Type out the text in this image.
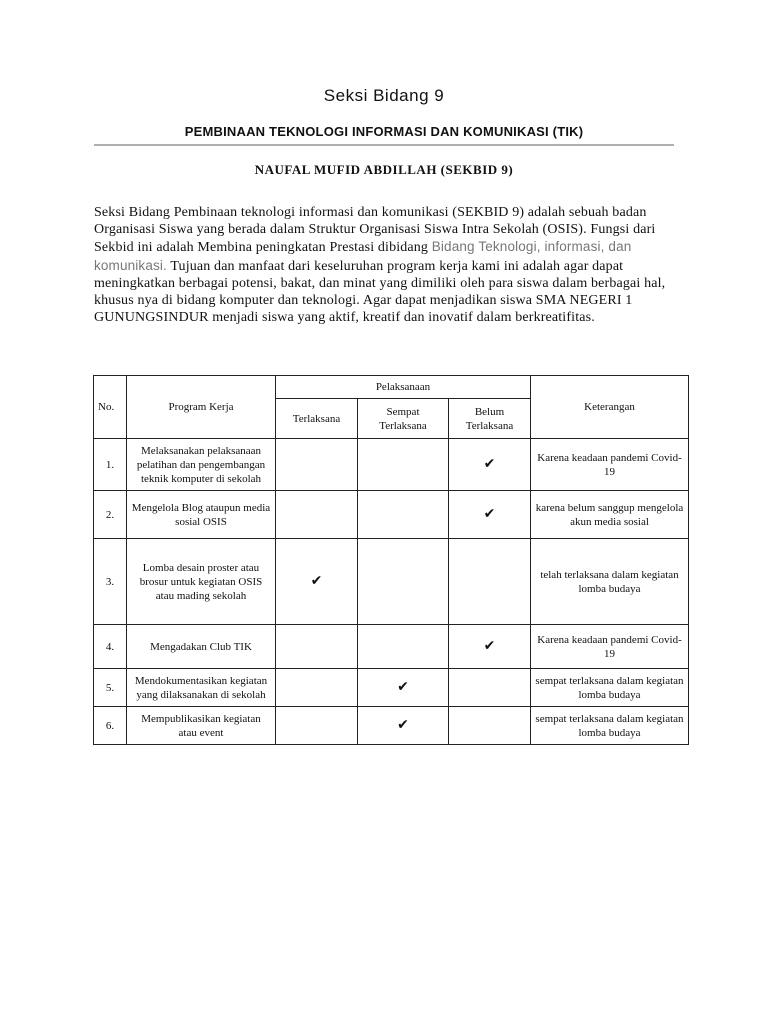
Seksi Bidang 9
PEMBINAAN TEKNOLOGI INFORMASI DAN KOMUNIKASI (TIK)
NAUFAL MUFID ABDILLAH (SEKBID 9)
Seksi Bidang Pembinaan teknologi informasi dan komunikasi (SEKBID 9) adalah sebuah badan Organisasi Siswa yang berada dalam Struktur Organisasi Siswa Intra Sekolah (OSIS). Fungsi dari Sekbid ini adalah Membina peningkatan Prestasi dibidang Bidang Teknologi, informasi, dan komunikasi. Tujuan dan manfaat dari keseluruhan program kerja kami ini adalah agar dapat meningkatkan berbagai potensi, bakat, dan minat yang dimiliki oleh para siswa dalam berbagai hal, khusus nya di bidang komputer dan teknologi. Agar dapat menjadikan siswa SMA NEGERI 1 GUNUNGSINDUR menjadi siswa yang aktif, kreatif dan inovatif dalam berkreatifitas.
No.	Program Kerja	Pelaksanaan			Keterangan
		Terlaksana	Sempat Terlaksana	Belum Terlaksana	
1.	Melaksanakan pelaksanaan pelatihan dan pengembangan teknik komputer di sekolah			✔	Karena keadaan pandemi Covid-19
2.	Mengelola Blog ataupun media sosial OSIS			✔	karena belum sanggup mengelola akun media sosial
3.	Lomba desain proster atau brosur untuk kegiatan OSIS atau mading sekolah	✔			telah terlaksana dalam kegiatan lomba budaya
4.	Mengadakan Club TIK			✔	Karena keadaan pandemi Covid-19
5.	Mendokumentasikan kegiatan yang dilaksanakan di sekolah		✔		sempat terlaksana dalam kegiatan lomba budaya
6.	Mempublikasikan kegiatan atau event		✔		sempat terlaksana dalam kegiatan lomba budaya
